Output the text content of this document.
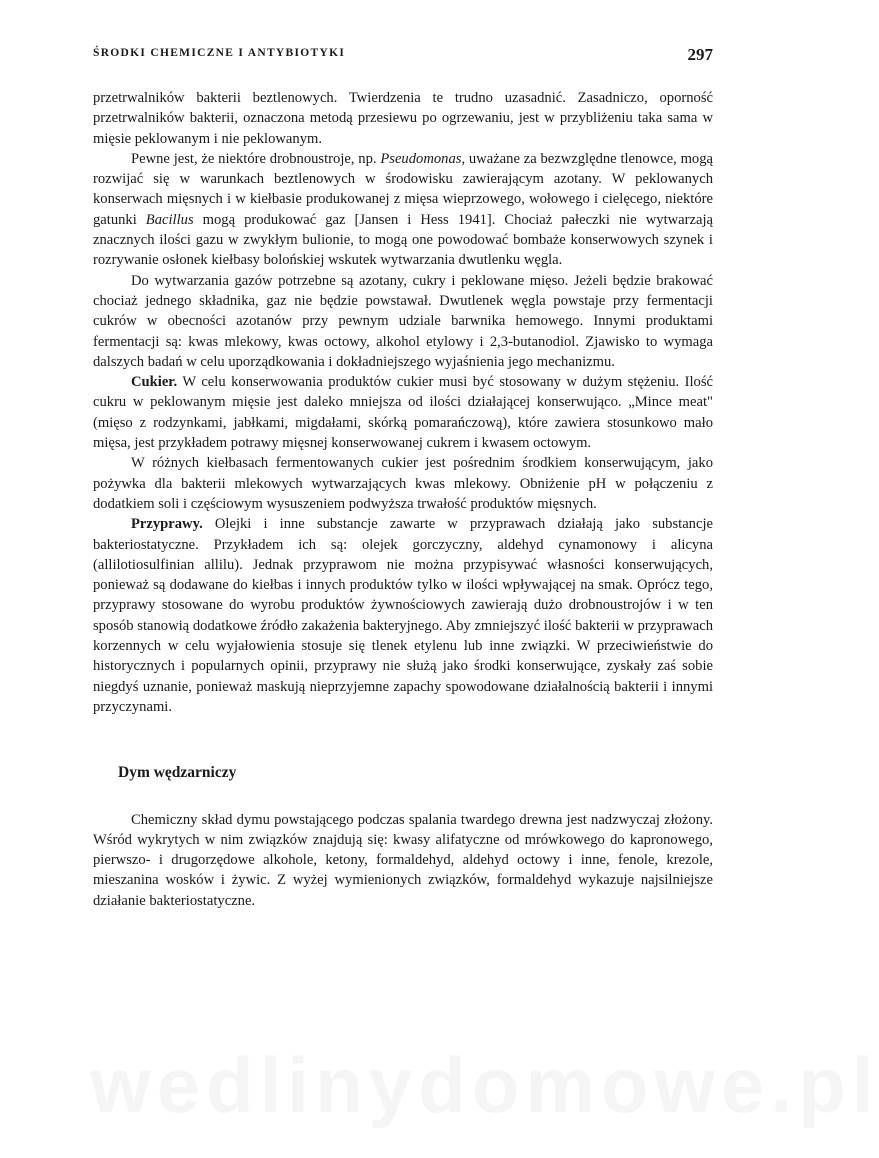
ŚRODKI CHEMICZNE I ANTYBIOTYKI	297

przetrwalników bakterii beztlenowych. Twierdzenia te trudno uzasadnić. Zasadniczo, oporność przetrwalników bakterii, oznaczona metodą przesiewu po ogrzewaniu, jest w przybliżeniu taka sama w mięsie peklowanym i nie peklowanym.

Pewne jest, że niektóre drobnoustroje, np. Pseudomonas, uważane za bezwzględne tlenowce, mogą rozwijać się w warunkach beztlenowych w środowisku zawierającym azotany. W peklowanych konserwach mięsnych i w kiełbasie produkowanej z mięsa wieprzowego, wołowego i cielęcego, niektóre gatunki Bacillus mogą produkować gaz [Jansen i Hess 1941]. Chociaż pałeczki nie wytwarzają znacznych ilości gazu w zwykłym bulionie, to mogą one powodować bombaże konserwowych szynek i rozrywanie osłonek kiełbasy bolońskiej wskutek wytwarzania dwutlenku węgla.

Do wytwarzania gazów potrzebne są azotany, cukry i peklowane mięso. Jeżeli będzie brakować chociaż jednego składnika, gaz nie będzie powstawał. Dwutlenek węgla powstaje przy fermentacji cukrów w obecności azotanów przy pewnym udziale barwnika hemowego. Innymi produktami fermentacji są: kwas mlekowy, kwas octowy, alkohol etylowy i 2,3-butanodiol. Zjawisko to wymaga dalszych badań w celu uporządkowania i dokładniejszego wyjaśnienia jego mechanizmu.

Cukier. W celu konserwowania produktów cukier musi być stosowany w dużym stężeniu. Ilość cukru w peklowanym mięsie jest daleko mniejsza od ilości działającej konserwująco. „Mince meat" (mięso z rodzynkami, jabłkami, migdałami, skórką pomarańczową), które zawiera stosunkowo mało mięsa, jest przykładem potrawy mięsnej konserwowanej cukrem i kwasem octowym.

W różnych kiełbasach fermentowanych cukier jest pośrednim środkiem konserwującym, jako pożywka dla bakterii mlekowych wytwarzających kwas mlekowy. Obniżenie pH w połączeniu z dodatkiem soli i częściowym wysuszeniem podwyższa trwałość produktów mięsnych.

Przyprawy. Olejki i inne substancje zawarte w przyprawach działają jako substancje bakteriostatyczne. Przykładem ich są: olejek gorczyczny, aldehyd cynamonowy i alicyna (allilotiosulfinian allilu). Jednak przyprawom nie można przypisywać własności konserwujących, ponieważ są dodawane do kiełbas i innych produktów tylko w ilości wpływającej na smak. Oprócz tego, przyprawy stosowane do wyrobu produktów żywnościowych zawierają dużo drobnoustrojów i w ten sposób stanowią dodatkowe źródło zakażenia bakteryjnego. Aby zmniejszyć ilość bakterii w przyprawach korzennych w celu wyjałowienia stosuje się tlenek etylenu lub inne związki. W przeciwieństwie do historycznych i popularnych opinii, przyprawy nie służą jako środki konserwujące, zyskały zaś sobie niegdyś uznanie, ponieważ maskują nieprzyjemne zapachy spowodowane działalnością bakterii i innymi przyczynami.

Dym wędzarniczy

Chemiczny skład dymu powstającego podczas spalania twardego drewna jest nadzwyczaj złożony. Wśród wykrytych w nim związków znajdują się: kwasy alifatyczne od mrówkowego do kapronowego, pierwszo- i drugorzędowe alkohole, ketony, formaldehyd, aldehyd octowy i inne, fenole, krezole, mieszanina wosków i żywic. Z wyżej wymienionych związków, formaldehyd wykazuje najsilniejsze działanie bakteriostatyczne.

wedlinydomowe.pl
